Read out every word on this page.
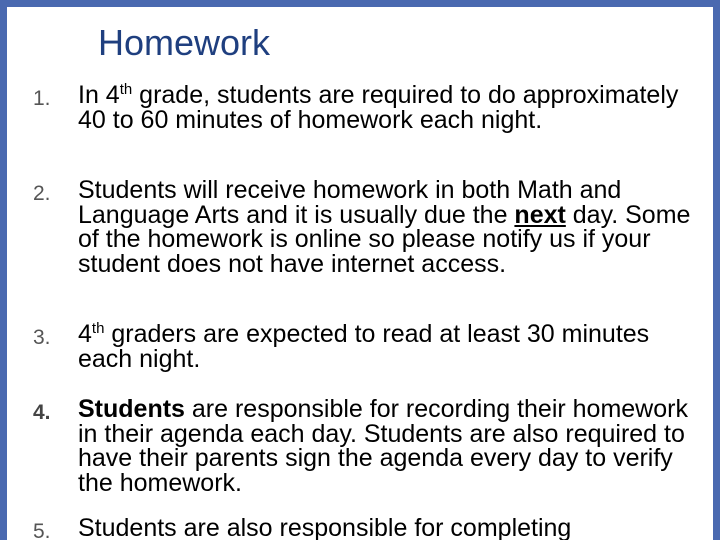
Homework
1. In 4th grade, students are required to do approximately 40 to 60 minutes of homework each night.
2. Students will receive homework in both Math and Language Arts and it is usually due the next day. Some of the homework is online so please notify us if your student does not have internet access.
3. 4th graders are expected to read at least 30 minutes each night.
4. Students are responsible for recording their homework in their agenda each day. Students are also required to have their parents sign the agenda every day to verify the homework.
5. Students are also responsible for completing
